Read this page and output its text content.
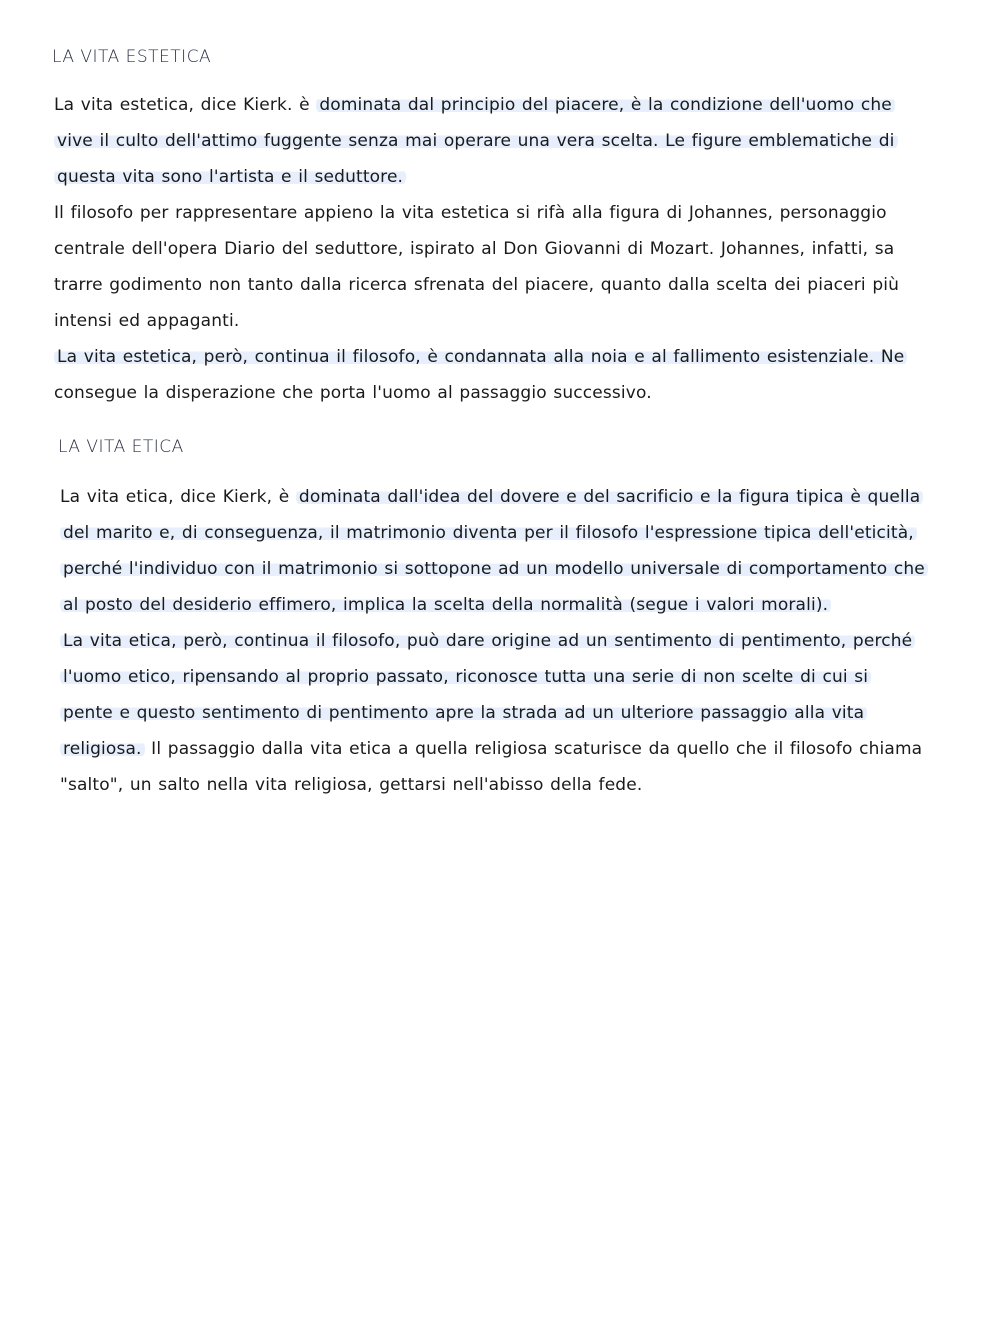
LA VITA ESTETICA
La vita estetica, dice Kierk. è dominata dal principio del piacere, è la condizione dell'uomo che
vive il culto dell'attimo fuggente senza mai operare una vera scelta. Le figure emblematiche di
questa vita sono l'artista e il seduttore.
Il filosofo per rappresentare appieno la vita estetica si rifà alla figura di Johannes, personaggio
centrale dell'opera Diario del seduttore, ispirato al Don Giovanni di Mozart. Johannes, infatti, sa
trarre godimento non tanto dalla ricerca sfrenata del piacere, quanto dalla scelta dei piaceri più
intensi ed appaganti.
La vita estetica, però, continua il filosofo, è condannata alla noia e al fallimento esistenziale. Ne
consegue la disperazione che porta l'uomo al passaggio successivo.
LA VITA ETICA
La vita etica, dice Kierk, è dominata dall'idea del dovere e del sacrificio e la figura tipica è quella
del marito e, di conseguenza, il matrimonio diventa per il filosofo l'espressione tipica dell'eticità,
perché l'individuo con il matrimonio si sottopone ad un modello universale di comportamento che
al posto del desiderio effimero, implica la scelta della normalità (segue i valori morali).
La vita etica, però, continua il filosofo, può dare origine ad un sentimento di pentimento, perché
l'uomo etico, ripensando al proprio passato, riconosce tutta una serie di non scelte di cui si
pente e questo sentimento di pentimento apre la strada ad un ulteriore passaggio alla vita
religiosa. Il passaggio dalla vita etica a quella religiosa scaturisce da quello che il filosofo chiama
"salto", un salto nella vita religiosa, gettarsi nell'abisso della fede.
